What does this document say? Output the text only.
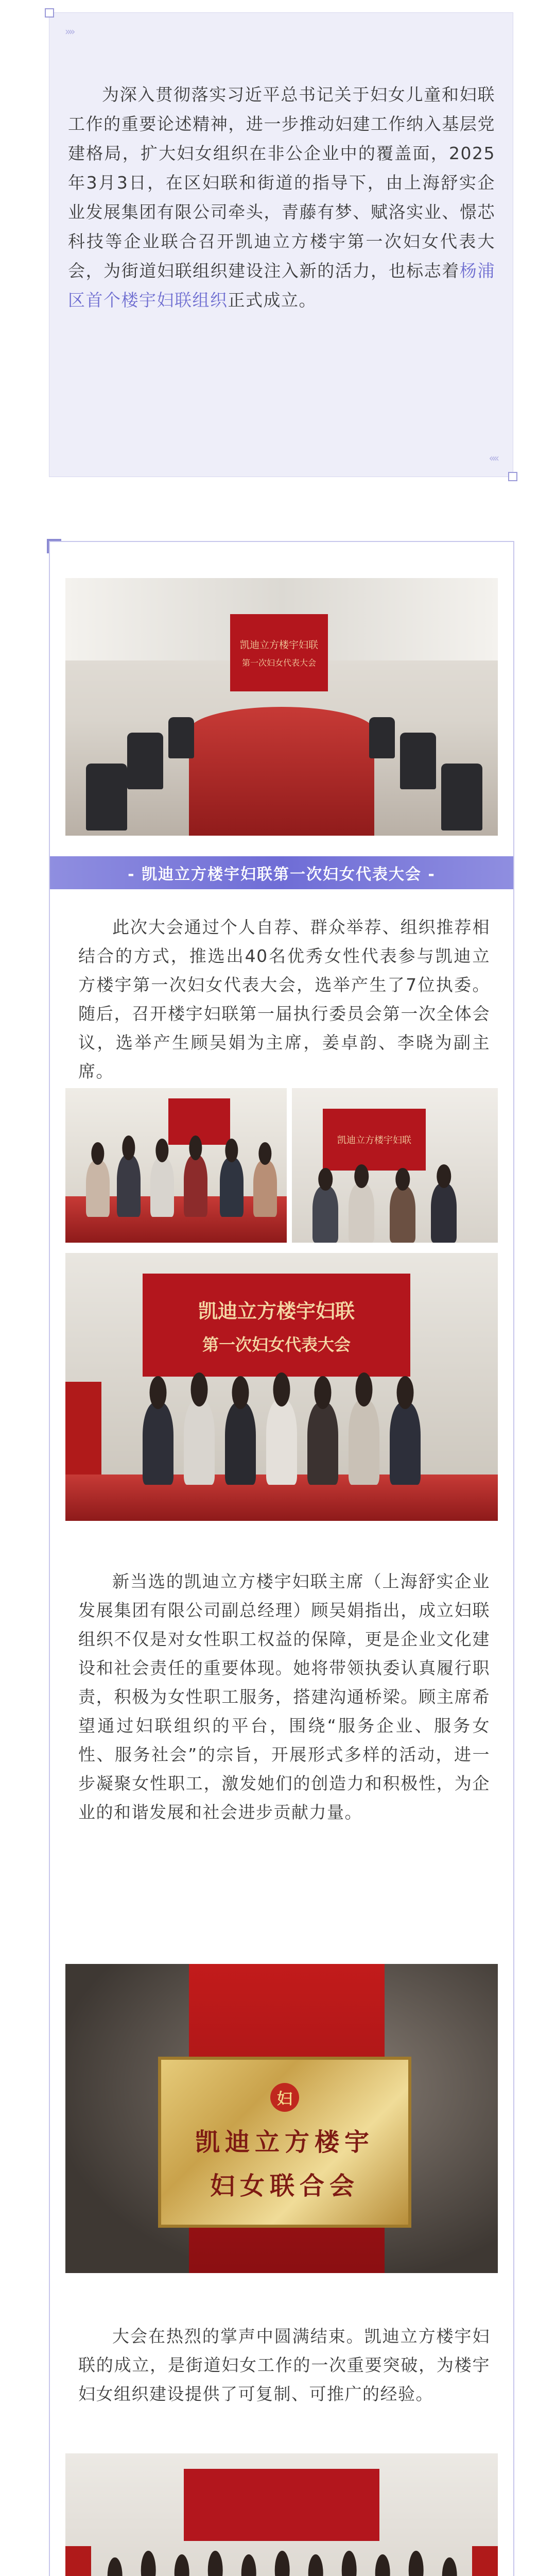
»»

为深入贯彻落实习近平总书记关于妇女儿童和妇联工作的重要论述精神，进一步推动妇建工作纳入基层党建格局，扩大妇女组织在非公企业中的覆盖面，2025年3月3日，在区妇联和街道的指导下，由上海舒实企业发展集团有限公司牵头，青藤有梦、赋洛实业、憬芯科技等企业联合召开凯迪立方楼宇第一次妇女代表大会，为街道妇联组织建设注入新的活力，也标志着杨浦区首个楼宇妇联组织正式成立。

««
凯迪立方楼宇妇联
第一次妇女代表大会
- 凯迪立方楼宇妇联第一次妇女代表大会 -

此次大会通过个人自荐、群众举荐、组织推荐相结合的方式，推选出40名优秀女性代表参与凯迪立方楼宇第一次妇女代表大会，选举产生了7位执委。随后，召开楼宇妇联第一届执行委员会第一次全体会议，选举产生顾吴娟为主席，姜卓韵、李晓为副主席。

凯迪立方楼宇妇联
凯迪立方楼宇妇联
第一次妇女代表大会

新当选的凯迪立方楼宇妇联主席（上海舒实企业发展集团有限公司副总经理）顾吴娟指出，成立妇联组织不仅是对女性职工权益的保障，更是企业文化建设和社会责任的重要体现。她将带领执委认真履行职责，积极为女性职工服务，搭建沟通桥梁。顾主席希望通过妇联组织的平台，围绕“服务企业、服务女性、服务社会”的宗旨，开展形式多样的活动，进一步凝聚女性职工，激发她们的创造力和积极性，为企业的和谐发展和社会进步贡献力量。

妇
凯迪立方楼宇
妇女联合会

大会在热烈的掌声中圆满结束。凯迪立方楼宇妇联的成立，是街道妇女工作的一次重要突破，为楼宇妇女组织建设提供了可复制、可推广的经验。
